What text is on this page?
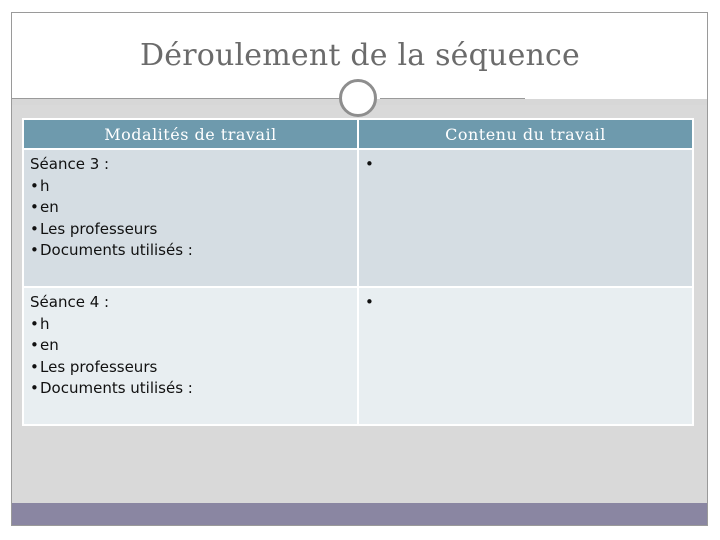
Déroulement de la séquence
Modalités de travail	Contenu du travail

Séance 3 :
•h
•en
•Les professeurs
•Documents utilisés :	•

Séance 4 :
•h
•en
•Les professeurs
•Documents utilisés :	•
